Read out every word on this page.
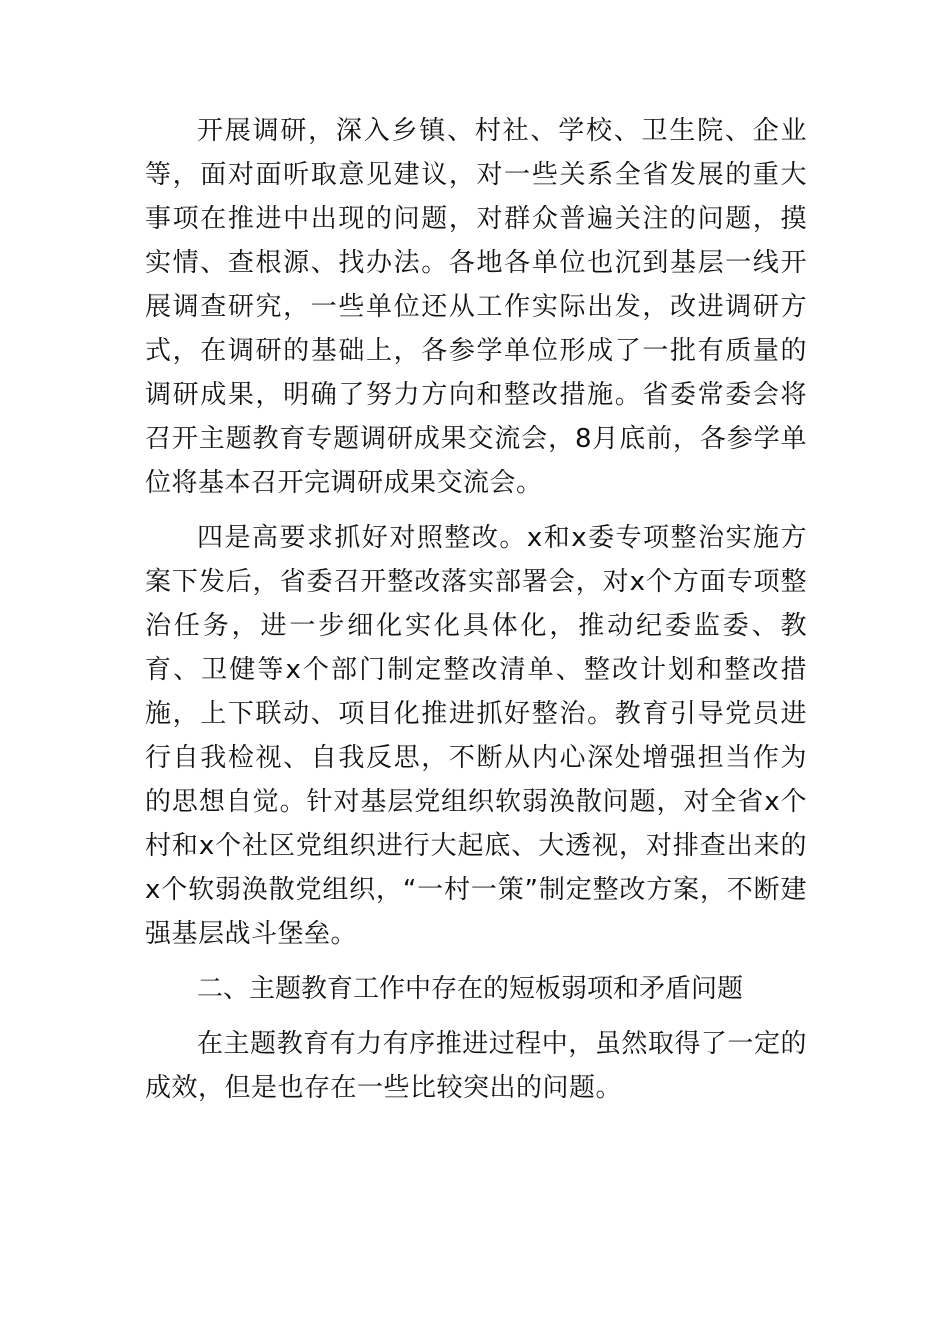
开展调研，深入乡镇、村社、学校、卫生院、企业等，面对面听取意见建议，对一些关系全省发展的重大事项在推进中出现的问题，对群众普遍关注的问题，摸实情、查根源、找办法。各地各单位也沉到基层一线开展调查研究，一些单位还从工作实际出发，改进调研方式，在调研的基础上，各参学单位形成了一批有质量的调研成果，明确了努力方向和整改措施。省委常委会将召开主题教育专题调研成果交流会，8月底前，各参学单位将基本召开完调研成果交流会。

四是高要求抓好对照整改。x和x委专项整治实施方案下发后，省委召开整改落实部署会，对x个方面专项整治任务，进一步细化实化具体化，推动纪委监委、教育、卫健等x个部门制定整改清单、整改计划和整改措施，上下联动、项目化推进抓好整治。教育引导党员进行自我检视、自我反思，不断从内心深处增强担当作为的思想自觉。针对基层党组织软弱涣散问题，对全省x个村和x个社区党组织进行大起底、大透视，对排查出来的x个软弱涣散党组织，“一村一策”制定整改方案，不断建强基层战斗堡垒。

二、主题教育工作中存在的短板弱项和矛盾问题

在主题教育有力有序推进过程中，虽然取得了一定的成效，但是也存在一些比较突出的问题。
